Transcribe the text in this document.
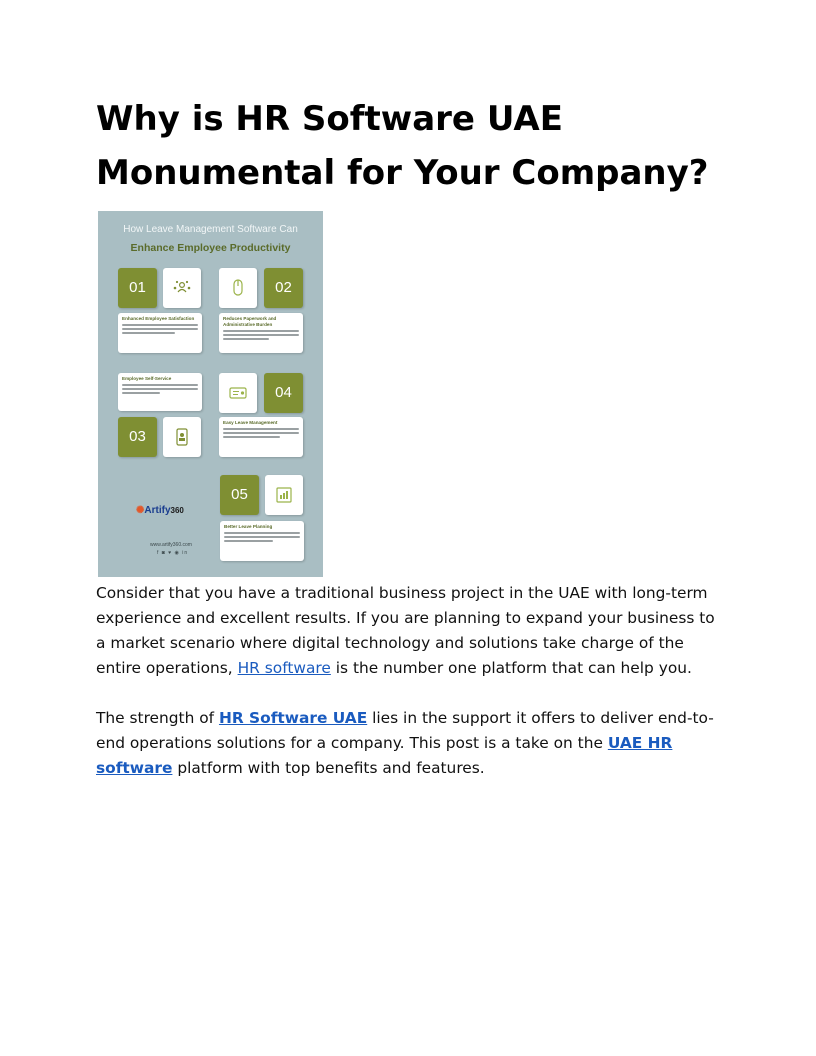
Why is HR Software UAE
Monumental for Your Company?

How Leave Management Software Can

Enhance Employee Productivity

01

Enhanced Employee Satisfaction

02

Reduces Paperwork and Administrative Burden

Employee Self-Service

03
04

Easy Leave Management

05

Better Leave Planning

✺Artify360
www.artify360.com
f ◙ ♥ ◉ in

Consider that you have a traditional business project in the UAE with long-term experience and excellent results. If you are planning to expand your business to a market scenario where digital technology and solutions take charge of the entire operations, HR software is the number one platform that can help you.

The strength of HR Software UAE lies in the support it offers to deliver end-to-end operations solutions for a company. This post is a take on the UAE HR software platform with top benefits and features.
